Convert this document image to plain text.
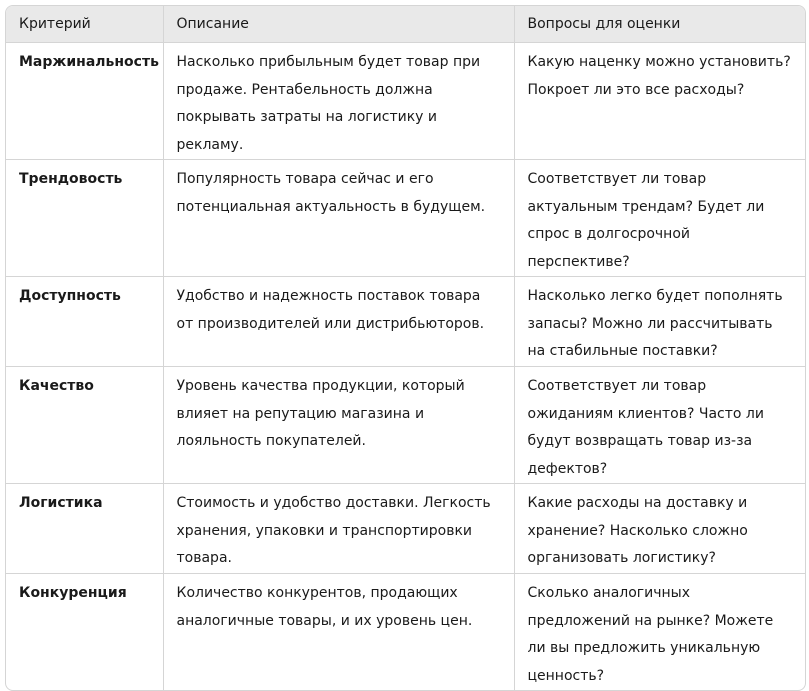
Критерий	Описание	Вопросы для оценки
Маржинальность	Насколько прибыльным будет товар при продаже. Рентабельность должна покрывать затраты на логистику и рекламу.	Какую наценку можно установить? Покроет ли это все расходы?
Трендовость	Популярность товара сейчас и его потенциальная актуальность в будущем.	Соответствует ли товар актуальным трендам? Будет ли спрос в долгосрочной перспективе?
Доступность	Удобство и надежность поставок товара от производителей или дистрибьюторов.	Насколько легко будет пополнять запасы? Можно ли рассчитывать на стабильные поставки?
Качество	Уровень качества продукции, который влияет на репутацию магазина и лояльность покупателей.	Соответствует ли товар ожиданиям клиентов? Часто ли будут возвращать товар из-за дефектов?
Логистика	Стоимость и удобство доставки. Легкость хранения, упаковки и транспортировки товара.	Какие расходы на доставку и хранение? Насколько сложно организовать логистику?
Конкуренция	Количество конкурентов, продающих аналогичные товары, и их уровень цен.	Сколько аналогичных предложений на рынке? Можете ли вы предложить уникальную ценность?
